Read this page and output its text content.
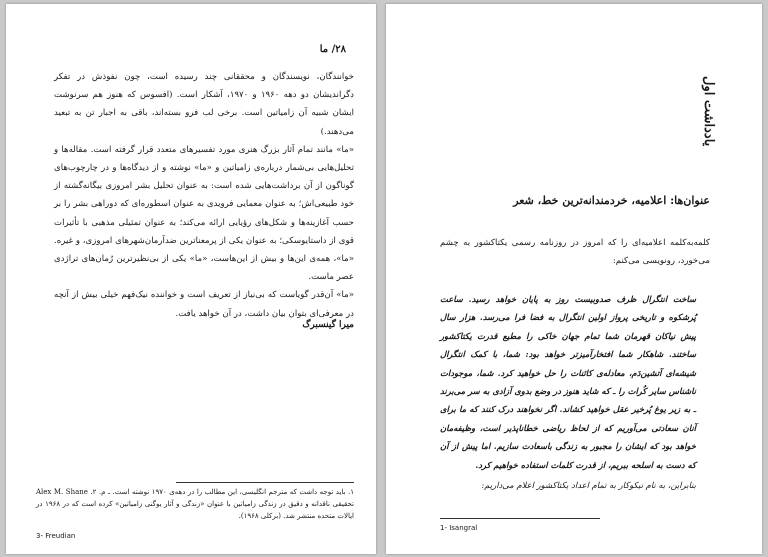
۲۸/ ما

خوانندگان، نویسندگان و محققانی چند رسیده است، چون نفوذش در تفکر دگراندیشان دو دهه ۱۹۶۰ و ۱۹۷۰، آشکار است. (افسوس که هنوز هم سرنوشت ایشان شبیه آن زامیاتین است. برخی لب فرو بسته‌اند، باقی به اجبار تن به تبعید می‌دهند.)

«ما» مانند تمام آثار بزرگ هنری مورد تفسیرهای متعدد قرار گرفته است. مقاله‌ها و تحلیل‌هایی بی‌شمار درباره‌ی زامیاتین و «ما» نوشته و از دیدگاه‌ها و در چارچوب‌های گوناگون از آن برداشت‌هایی شده است: به عنوان تحلیل بشر امروزی بیگانه‌گشته از خود طبیعی‌اش؛ به عنوان معمایی فرویدی به عنوان اسطوره‌ای که دوراهی بشر را بر حسب آغازینه‌ها و شکل‌های رؤیایی ارائه می‌کند؛ به عنوان تمثیلی مذهبی با تأثیرات قوی از داستایوسکی؛ به عنوان یکی از پرمعناترین ضدآرمان‌شهرهای امروزی، و غیره. «ما»، همه‌ی این‌ها و بیش از این‌هاست، «ما» یکی از بی‌نظیرترین رُمان‌های تراژدی عصر ماست.

«ما» آن‌قدر گویاست که بی‌نیاز از تعریف است و خواننده نیک‌فهم خیلی بیش از آنچه در معرفی‌ای بتوان بیان داشت، در آن خواهد یافت.

میرا گینسبرگ
۱. باید توجه داشت که مترجم انگلیسی، این مطالب را در دهه‌ی ۱۹۷۰ نوشته است. ـ م. ۲. Alex M. Shane تحقیقی ناقدانه و دقیق در زندگی زامیاتین با عنوان «زندگی و آثار یوگنی زامیاتین» کرده است که در ۱۹۶۸ در ایالات متحده منتشر شد. (برکلی ۱۹۶۸).
3- Freudian
یادداشت اول
عنوان‌ها: اعلامیه، خردمندانه‌ترین خط، شعر
کلمه‌به‌کلمه اعلامیه‌ای را که امروز در روزنامه رسمی یکتاکشور به چشم می‌خورد، رونویسی می‌کنم:
ساخت انتگرال ظرف صدوبیست روز به پایان خواهد رسید. ساعت پُرشکوه و تاریخی پرواز اولین انتگرال به فضا فرا می‌رسد. هزار سال پیش نیاکان قهرمان شما تمام جهان خاکی را مطیع قدرت یکتاکشور ساختند. شاهکار شما افتخارآمیزتر خواهد بود: شما، با کمک انتگرال شیشه‌ای آتشین‌دَم، معادله‌ی کائنات را حل خواهید کرد. شما، موجودات ناشناس سایر کُرات را ـ که شاید هنوز در وضع بدوی آزادی به سر می‌برند ـ به زیر یوغ پُرخیر عقل خواهید کشاند. اگر نخواهند درک کنند که ما برای آنان سعادتی می‌آوریم که از لحاظ ریاضی خطاناپذیر است، وظیفه‌مان خواهد بود که ایشان را مجبور به زندگی باسعادت سازیم. اما پیش از آن که دست به اسلحه ببریم، از قدرت کلمات استفاده خواهیم کرد.
بنابراین، به نام نیکوکار به تمام اعداد یکتاکشور اعلام می‌داریم:
1- Isangral
